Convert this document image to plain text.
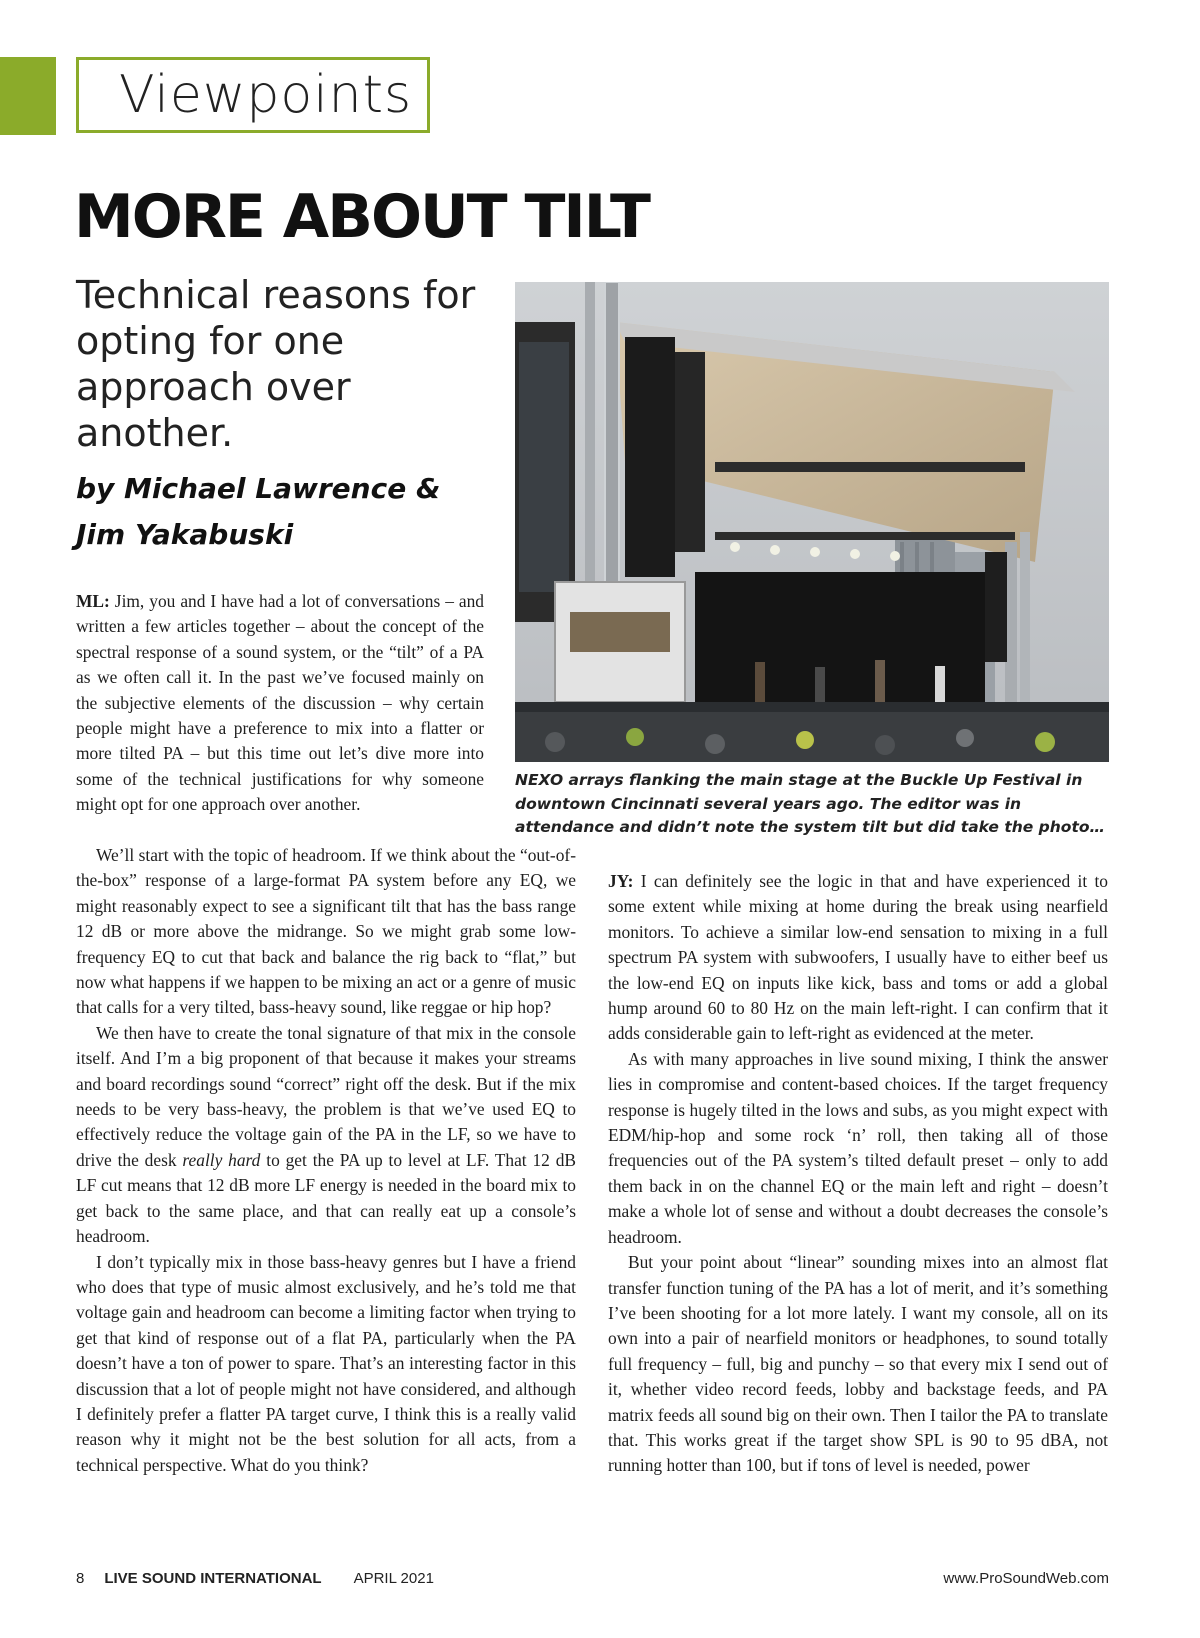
Viewpoints
MORE ABOUT TILT

Technical reasons for opting for one approach over another.

by Michael Lawrence &
Jim Yakabuski

NEXO arrays flanking the main stage at the Buckle Up Festival in downtown Cincinnati several years ago. The editor was in attendance and didn’t note the system tilt but did take the photo…

ML: Jim, you and I have had a lot of conversations – and written a few articles together – about the concept of the spectral response of a sound system, or the “tilt” of a PA as we often call it. In the past we’ve focused mainly on the subjective elements of the discussion – why certain people might have a preference to mix into a flatter or more tilted PA – but this time out let’s dive more into some of the technical justifications for why someone might opt for one approach over another.

We’ll start with the topic of headroom. If we think about the “out-of-the-box” response of a large-format PA system before any EQ, we might reasonably expect to see a significant tilt that has the bass range 12 dB or more above the midrange. So we might grab some low-frequency EQ to cut that back and balance the rig back to “flat,” but now what happens if we happen to be mixing an act or a genre of music that calls for a very tilted, bass-heavy sound, like reggae or hip hop?

We then have to create the tonal signature of that mix in the console itself. And I’m a big proponent of that because it makes your streams and board recordings sound “correct” right off the desk. But if the mix needs to be very bass-heavy, the problem is that we’ve used EQ to effectively reduce the voltage gain of the PA in the LF, so we have to drive the desk really hard to get the PA up to level at LF. That 12 dB LF cut means that 12 dB more LF energy is needed in the board mix to get back to the same place, and that can really eat up a console’s headroom.

I don’t typically mix in those bass-heavy genres but I have a friend who does that type of music almost exclusively, and he’s told me that voltage gain and headroom can become a limiting factor when trying to get that kind of response out of a flat PA, particularly when the PA doesn’t have a ton of power to spare. That’s an interesting factor in this discussion that a lot of people might not have considered, and although I definitely prefer a flatter PA target curve, I think this is a really valid reason why it might not be the best solution for all acts, from a technical perspective. What do you think?

JY: I can definitely see the logic in that and have experienced it to some extent while mixing at home during the break using nearfield monitors. To achieve a similar low-end sensation to mixing in a full spectrum PA system with subwoofers, I usually have to either beef us the low-end EQ on inputs like kick, bass and toms or add a global hump around 60 to 80 Hz on the main left-right. I can confirm that it adds considerable gain to left-right as evidenced at the meter.

As with many approaches in live sound mixing, I think the answer lies in compromise and content-based choices. If the target frequency response is hugely tilted in the lows and subs, as you might expect with EDM/hip-hop and some rock ‘n’ roll, then taking all of those frequencies out of the PA system’s tilted default preset – only to add them back in on the channel EQ or the main left and right – doesn’t make a whole lot of sense and without a doubt decreases the console’s headroom.

But your point about “linear” sounding mixes into an almost flat transfer function tuning of the PA has a lot of merit, and it’s something I’ve been shooting for a lot more lately. I want my console, all on its own into a pair of nearfield monitors or headphones, to sound totally full frequency – full, big and punchy – so that every mix I send out of it, whether video record feeds, lobby and backstage feeds, and PA matrix feeds all sound big on their own. Then I tailor the PA to translate that. This works great if the target show SPL is 90 to 95 dBA, not running hotter than 100, but if tons of level is needed, power

8 LIVE SOUND INTERNATIONAL APRIL 2021	www.ProSoundWeb.com
